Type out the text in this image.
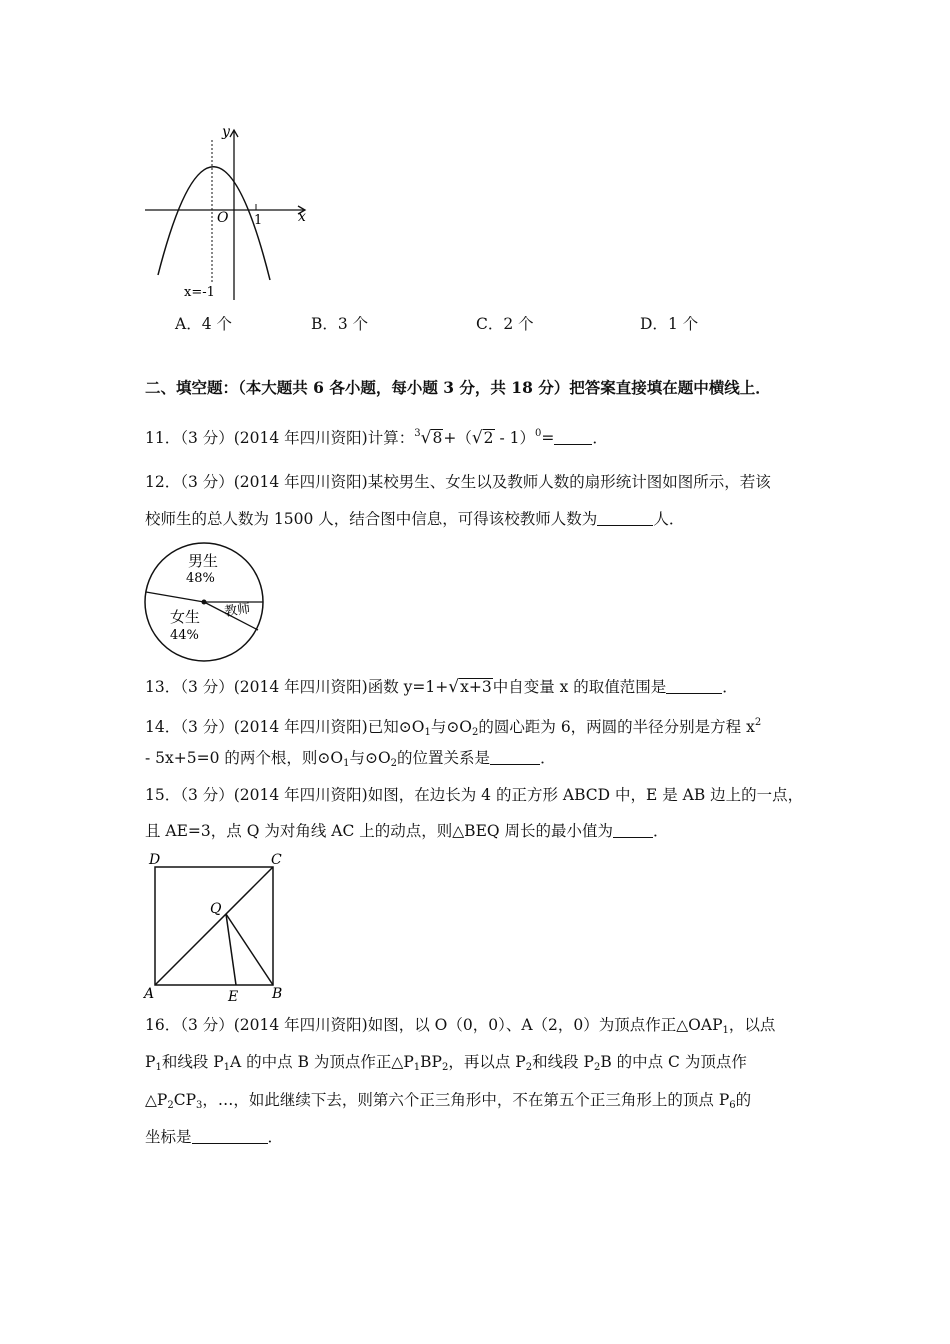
y
x
O 1
x=-1
A．4 个	B．3 个	C．2 个	D．1 个
二、填空题：（本大题共 6 各小题，每小题 3 分，共 18 分）把答案直接填在题中横线上．
11．（3 分）(2014 年四川资阳)计算：$^3$√8+（√2 - 1）$^0$= ．
12．（3 分）(2014 年四川资阳)某校男生、女生以及教师人数的扇形统计图如图所示，若该
校师生的总人数为 1500 人，结合图中信息，可得该校教师人数为	人．
男生
48%
女生
44%
教师
13．（3 分）(2014 年四川资阳)函数 y=1+√x+3中自变量 x 的取值范围是	．
14．（3 分）(2014 年四川资阳)已知$⊙O_1$与$⊙O_2$的圆心距为 6，两圆的半径分别是方程 $x^2$
- 5x+5=0 的两个根，则$⊙O_1$与$⊙O_2$的位置关系是	．
15．（3 分）(2014 年四川资阳)如图，在边长为 4 的正方形 ABCD 中，E 是 AB 边上的一点，
且 AE=3，点 Q 为对角线 AC 上的动点，则△BEQ 周长的最小值为	．
D	C
Q
A	E B
16．（3 分）(2014 年四川资阳)如图，以 O（0，0）、A（2，0）为顶点作正$\triangle OAP_1$，以点
$P_1$和线段 $P_1A$ 的中点 B 为顶点作正$\triangle P_1BP_2$，再以点 $P_2$和线段 $P_2B$ 的中点 C 为顶点作
$\triangle P_2CP_3$，…，如此继续下去，则第六个正三角形中，不在第五个正三角形上的顶点 $P_6$的
坐标是	．
